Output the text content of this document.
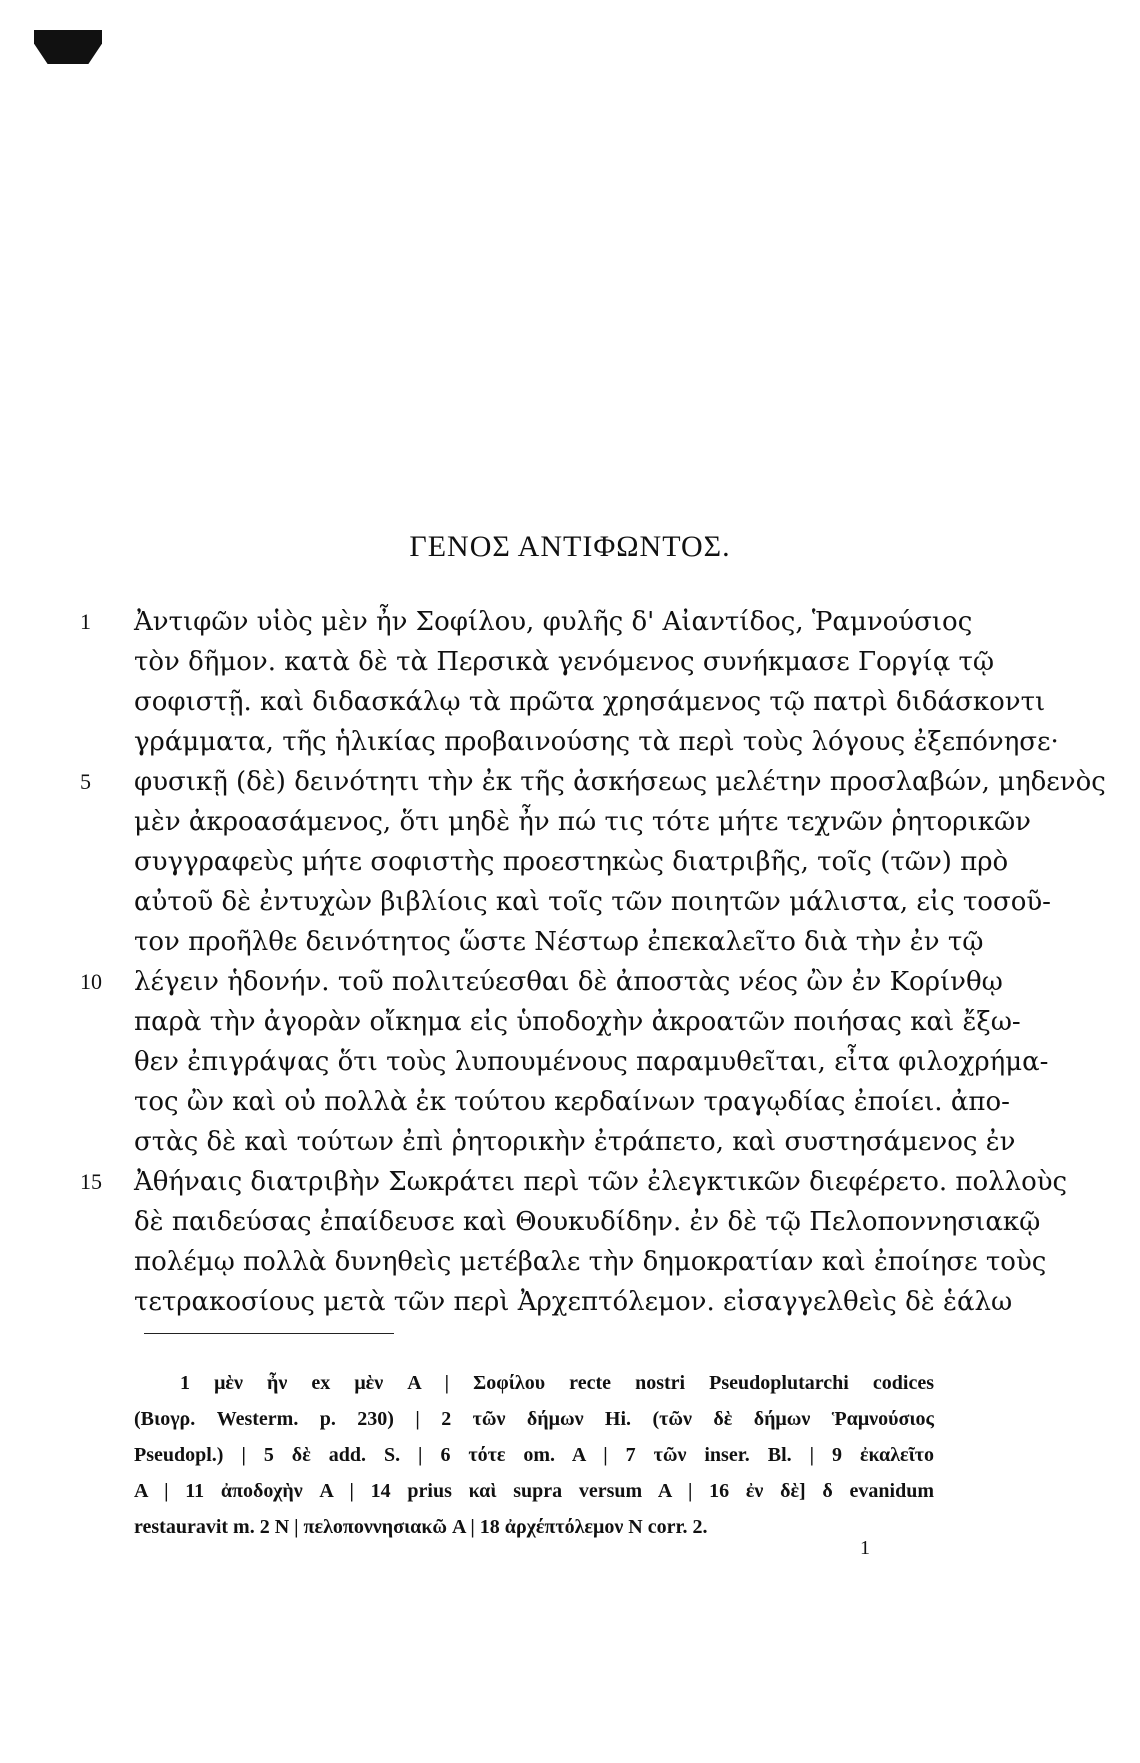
ΓΕΝΟΣ ΑΝΤΙΦΩΝΤΟΣ.
1	Ἀντιφῶν υἱὸς μὲν ἦν Σοφίλου, φυλῆς δ' Αἰαντίδος, Ῥαμνούσιος
τὸν δῆμον. κατὰ δὲ τὰ Περσικὰ γενόμενος συνήκμασε Γοργίᾳ τῷ
σοφιστῇ. καὶ διδασκάλῳ τὰ πρῶτα χρησάμενος τῷ πατρὶ διδάσκοντι
γράμματα, τῆς ἡλικίας προβαινούσης τὰ περὶ τοὺς λόγους ἐξεπόνησε·
5	φυσικῇ (δὲ) δεινότητι τὴν ἐκ τῆς ἀσκήσεως μελέτην προσλαβών, μηδενὸς
μὲν ἀκροασάμενος, ὅτι μηδὲ ἦν πώ τις τότε μήτε τεχνῶν ῥητορικῶν
συγγραφεὺς μήτε σοφιστὴς προεστηκὼς διατριβῆς, τοῖς (τῶν) πρὸ
αὐτοῦ δὲ ἐντυχὼν βιβλίοις καὶ τοῖς τῶν ποιητῶν μάλιστα, εἰς τοσοῦ-
τον προῆλθε δεινότητος ὥστε Νέστωρ ἐπεκαλεῖτο διὰ τὴν ἐν τῷ
10	λέγειν ἡδονήν. τοῦ πολιτεύεσθαι δὲ ἀποστὰς νέος ὢν ἐν Κορίνθῳ
παρὰ τὴν ἀγορὰν οἴκημα εἰς ὑποδοχὴν ἀκροατῶν ποιήσας καὶ ἔξω-
θεν ἐπιγράψας ὅτι τοὺς λυπουμένους παραμυθεῖται, εἶτα φιλοχρήμα-
τος ὢν καὶ οὐ πολλὰ ἐκ τούτου κερδαίνων τραγῳδίας ἐποίει. ἀπο-
στὰς δὲ καὶ τούτων ἐπὶ ῥητορικὴν ἐτράπετο, καὶ συστησάμενος ἐν
15	Ἀθήναις διατριβὴν Σωκράτει περὶ τῶν ἐλεγκτικῶν διεφέρετο. πολλοὺς
δὲ παιδεύσας ἐπαίδευσε καὶ Θουκυδίδην. ἐν δὲ τῷ Πελοποννησιακῷ
πολέμῳ πολλὰ δυνηθεὶς μετέβαλε τὴν δημοκρατίαν καὶ ἐποίησε τοὺς
τετρακοσίους μετὰ τῶν περὶ Ἀρχεπτόλεμον. εἰσαγγελθεὶς δὲ ἑάλω
1 μὲν ἦν ex μὲν A | Σοφίλου recte nostri Pseudoplutarchi codices
(Βιογρ. Westerm. p. 230) | 2 τῶν δήμων Hi. (τῶν δὲ δήμων Ῥαμνούσιος
Pseudopl.) | 5 δὲ add. S. | 6 τότε om. A | 7 τῶν inser. Bl. | 9 ἐκαλεῖτο
A | 11 ἀποδοχὴν A | 14 prius καὶ supra versum A | 16 ἐν δὲ] δ evanidum
restauravit m. 2 N | πελοποννησιακῶ A | 18 ἀρχέπτόλεμον N corr. 2.
1
